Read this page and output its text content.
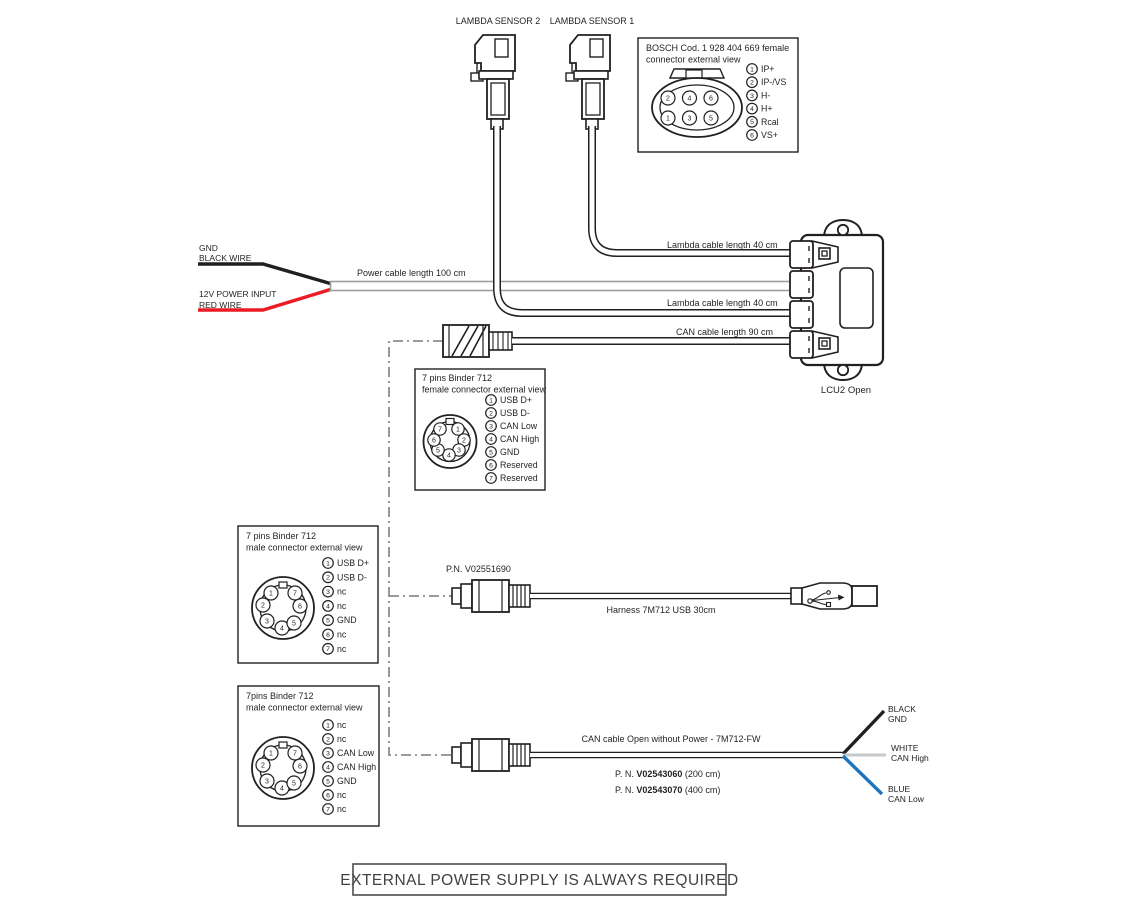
LAMBDA SENSOR 2 LAMBDA SENSOR 1
BOSCH Cod. 1 928 404 669 female
connector external view
2	4	6
1	3	5
1 IP+
2 IP-/VS
3 H-
4 H+
5 Rcal
6 VS+
GND
BLACK WIRE
12V POWER INPUT
RED WIRE
Power cable length 100 cm
LCU2 Open
Lambda cable length 40 cm
Lambda cable length 40 cm
CAN cable length 90 cm
7 pins Binder 712
female connector external view
1
2
3
4
5
6
7
1 USB D+
2 USB D-
3 CAN Low
4 CAN High
5 GND
6 Reserved
7 Reserved
7 pins Binder 712
male connector external view
1
2
3
4
5
6
7
1 USB D+
2 USB D-
3 nc
4 nc
5 GND
6 nc
7 nc
P.N. V02551690
Harness 7M712 USB 30cm
7pins Binder 712
male connector external view
1
2
3
4
5
6
7
1 nc
2 nc
3 CAN Low
4 CAN High
5 GND
6 nc
7 nc
CAN cable Open without Power - 7M712-FW
P. N. V02543060 (200 cm)
P. N. V02543070 (400 cm)
BLACK
GND
WHITE
CAN High
BLUE
CAN Low
EXTERNAL POWER SUPPLY IS ALWAYS REQUIRED
